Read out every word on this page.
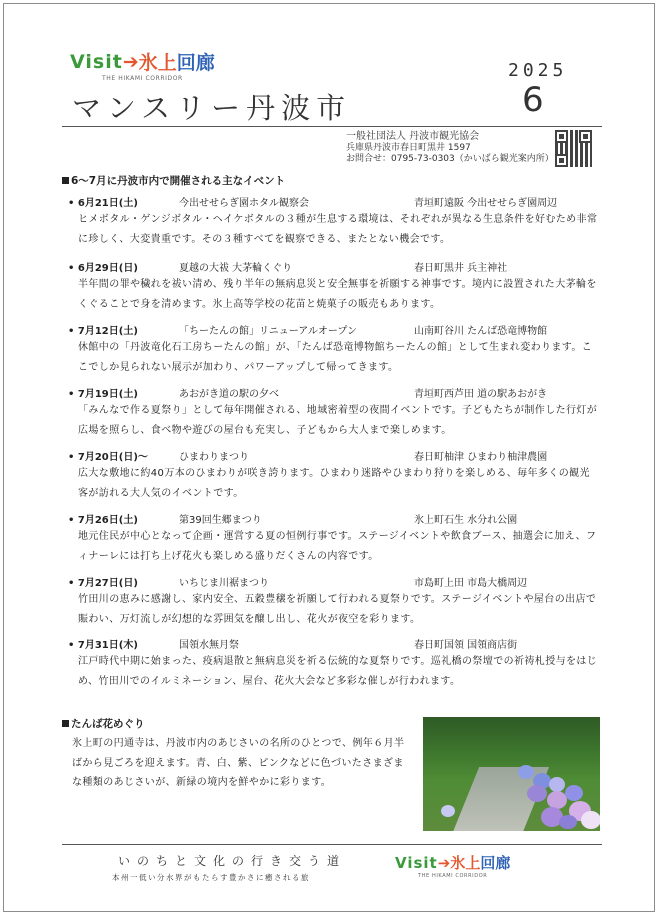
Visit ➔ 氷上 回廊
THE HIKAMI CORRIDOR	2025
6
マンスリー丹波市
一般社団法人 丹波市観光協会
兵庫県丹波市春日町黒井 1597
お問合せ：0795-73-0303（かいばら観光案内所）
6～7月に丹波市内で開催される主なイベント
• 6月21日(土)	今出せせらぎ園ホタル観察会	青垣町遠阪 今出せせらぎ園周辺
ヒメボタル・ゲンジボタル・ヘイケボタルの３種が生息する環境は、それぞれが異なる生息条件を好むため非常に珍しく、大変貴重です。その３種すべてを観察できる、またとない機会です。
• 6月29日(日)	夏越の大祓 大茅輪くぐり	春日町黒井 兵主神社
半年間の罪や穢れを祓い清め、残り半年の無病息災と安全無事を祈願する神事です。境内に設置された大茅輪をくぐることで身を清めます。氷上高等学校の花苗と焼菓子の販売もあります。
• 7月12日(土)	「ちーたんの館」リニューアルオープン	山南町谷川 たんば恐竜博物館
休館中の「丹波竜化石工房ちーたんの館」が、「たんば恐竜博物館ちーたんの館」として生まれ変わります。ここでしか見られない展示が加わり、パワーアップして帰ってきます。
• 7月19日(土)	あおがき道の駅の夕べ	青垣町西芦田 道の駅あおがき
「みんなで作る夏祭り」として毎年開催される、地域密着型の夜間イベントです。子どもたちが制作した行灯が広場を照らし、食べ物や遊びの屋台も充実し、子どもから大人まで楽しめます。
• 7月20日(日)～	ひまわりまつり	春日町柚津 ひまわり柚津農園
広大な敷地に約40万本のひまわりが咲き誇ります。ひまわり迷路やひまわり狩りを楽しめる、毎年多くの観光客が訪れる大人気のイベントです。
• 7月26日(土)	第39回生郷まつり	氷上町石生 水分れ公園
地元住民が中心となって企画・運営する夏の恒例行事です。ステージイベントや飲食ブース、抽選会に加え、フィナーレには打ち上げ花火も楽しめる盛りだくさんの内容です。
• 7月27日(日)	いちじま川裾まつり	市島町上田 市島大橋周辺
竹田川の恵みに感謝し、家内安全、五穀豊穣を祈願して行われる夏祭りです。ステージイベントや屋台の出店で賑わい、万灯流しが幻想的な雰囲気を醸し出し、花火が夜空を彩ります。
• 7月31日(木)	国領水無月祭	春日町国領 国領商店街
江戸時代中期に始まった、疫病退散と無病息災を祈る伝統的な夏祭りです。巡礼橋の祭壇での祈祷札授与をはじめ、竹田川でのイルミネーション、屋台、花火大会など多彩な催しが行われます。
たんば花めぐり
氷上町の円通寺は、丹波市内のあじさいの名所のひとつで、例年６月半ばから見ごろを迎えます。青、白、紫、ピンクなどに色づいたさまざまな種類のあじさいが、新緑の境内を鮮やかに彩ります。
いのちと文化の行き交う道
本州一低い分水界がもたらす豊かさに癒される旅
Visit ➔ 氷上 回廊
THE HIKAMI CORRIDOR
